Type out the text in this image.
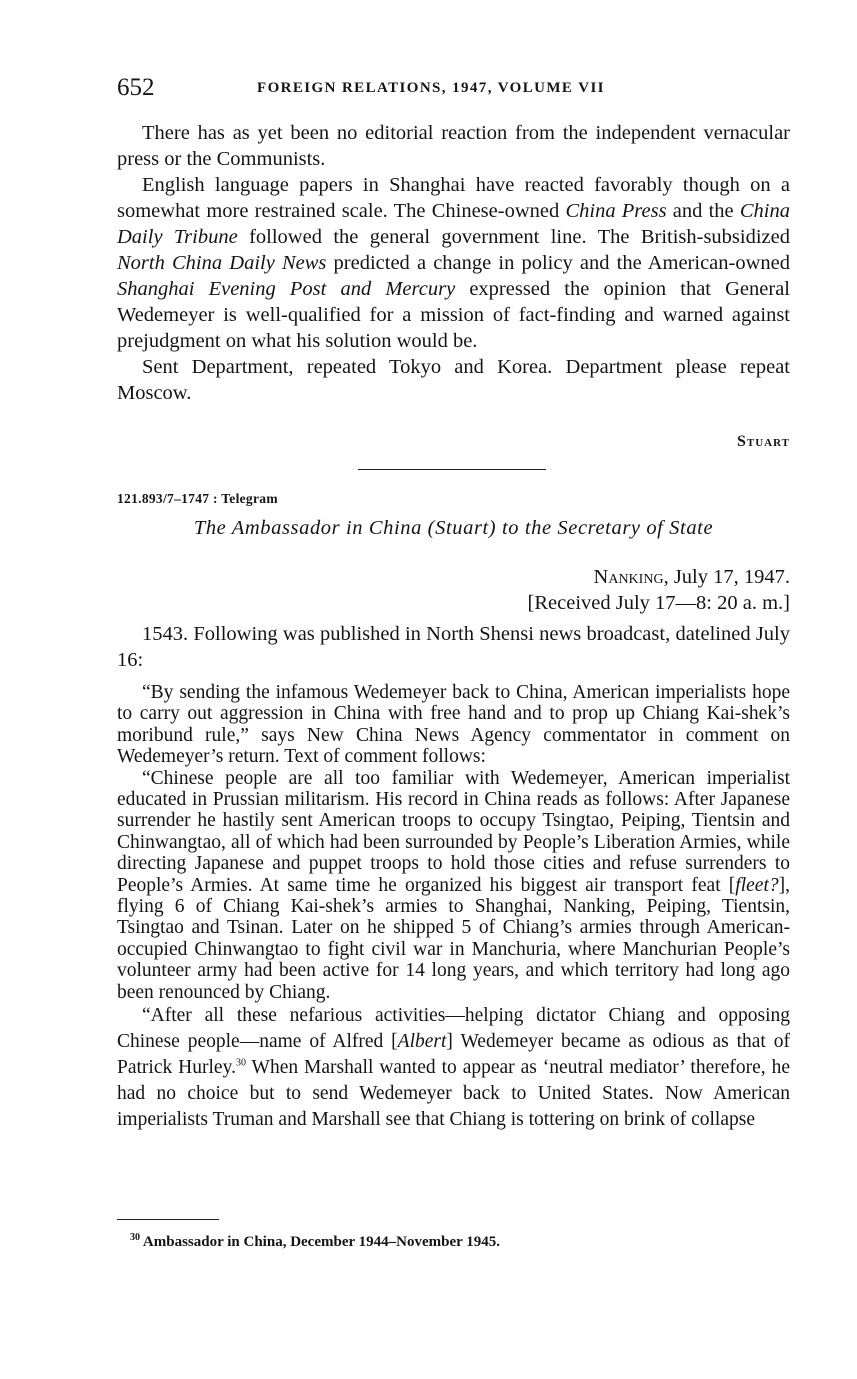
652	FOREIGN RELATIONS, 1947, VOLUME VII

There has as yet been no editorial reaction from the independent vernacular press or the Communists.

English language papers in Shanghai have reacted favorably though on a somewhat more restrained scale. The Chinese-owned China Press and the China Daily Tribune followed the general government line. The British-subsidized North China Daily News predicted a change in policy and the American-owned Shanghai Evening Post and Mercury expressed the opinion that General Wedemeyer is well-qualified for a mission of fact-finding and warned against prejudgment on what his solution would be.

Sent Department, repeated Tokyo and Korea. Department please repeat Moscow.

Stuart
121.893/7–1747 : Telegram
The Ambassador in China (Stuart) to the Secretary of State
Nanking, July 17, 1947.
[Received July 17—8: 20 a. m.]

1543. Following was published in North Shensi news broadcast, datelined July 16:

“By sending the infamous Wedemeyer back to China, American imperialists hope to carry out aggression in China with free hand and to prop up Chiang Kai-shek’s moribund rule,” says New China News Agency commentator in comment on Wedemeyer’s return. Text of comment follows:

“Chinese people are all too familiar with Wedemeyer, American imperialist educated in Prussian militarism. His record in China reads as follows: After Japanese surrender he hastily sent American troops to occupy Tsingtao, Peiping, Tientsin and Chinwangtao, all of which had been surrounded by People’s Liberation Armies, while directing Japanese and puppet troops to hold those cities and refuse surrenders to People’s Armies. At same time he organized his biggest air transport feat [fleet?], flying 6 of Chiang Kai-shek’s armies to Shanghai, Nanking, Peiping, Tientsin, Tsingtao and Tsinan. Later on he shipped 5 of Chiang’s armies through American-occupied Chinwangtao to fight civil war in Manchuria, where Manchurian People’s volunteer army had been active for 14 long years, and which territory had long ago been renounced by Chiang.

“After all these nefarious activities—helping dictator Chiang and opposing Chinese people—name of Alfred [Albert] Wedemeyer became as odious as that of Patrick Hurley.$^{30}$ When Marshall wanted to appear as ‘neutral mediator’ therefore, he had no choice but to send Wedemeyer back to United States. Now American imperialists Truman and Marshall see that Chiang is tottering on brink of collapse

$^{30}$ Ambassador in China, December 1944–November 1945.
